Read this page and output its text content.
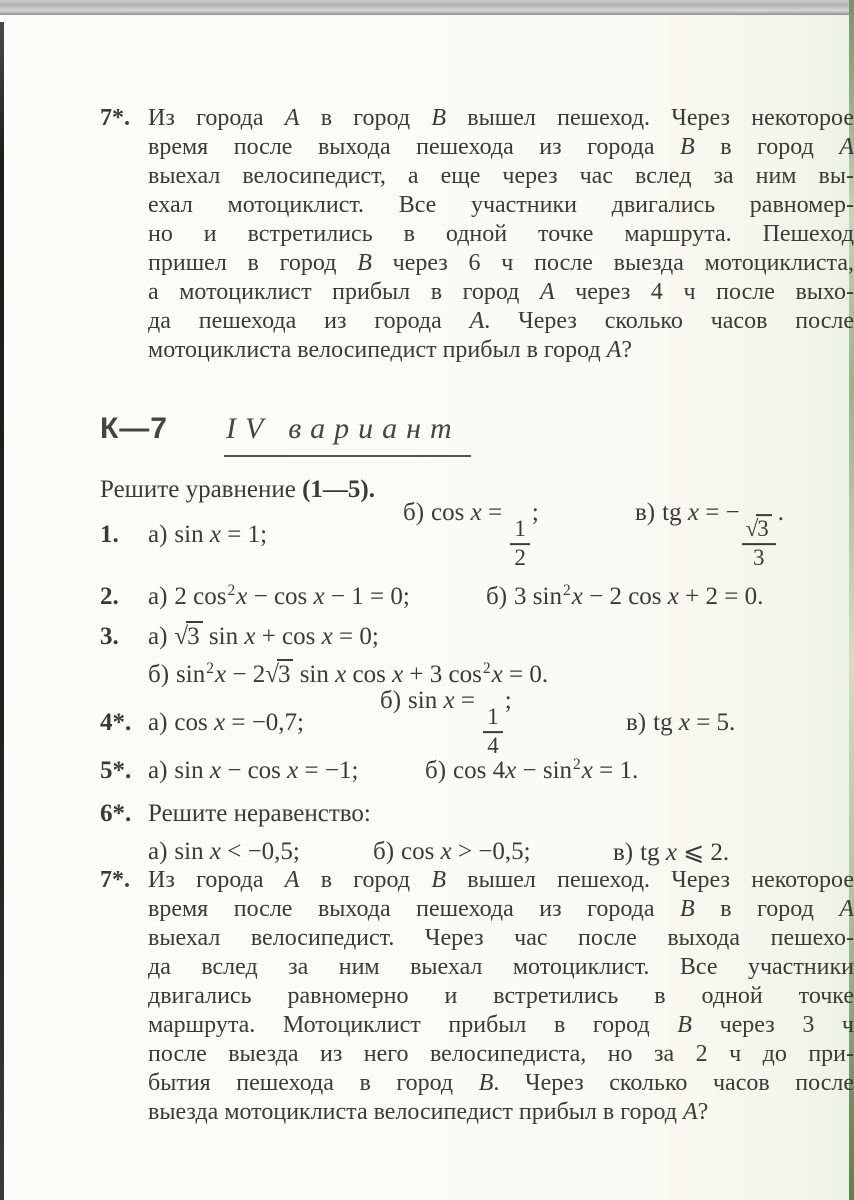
7*. Из города A в город B вышел пешеход. Через некоторое
время после выхода пешехода из города B в город A
выехал велосипедист, а еще через час вслед за ним вы-
ехал мотоциклист. Все участники двигались равномер-
но и встретились в одной точке маршрута. Пешеход
пришел в город B через 6 ч после выезда мотоциклиста,
а мотоциклист прибыл в город A через 4 ч после выхо-
да пешехода из города A. Через сколько часов после
мотоциклиста велосипедист прибыл в город A?
К—7 IV вариант
Решите уравнение (1—5).
1. а) sin x = 1;
б) cos x =
$\frac{1}{2}$
;	в) tg x = −
$\frac{√3}{3}$
.
2. а) 2 $\cos^2x - \cos x - 1 = 0$;	б) 3 $\sin^2x - 2$ cos x + 2 = 0.
3. а) √3 sin x + cos x = 0;
б) $\sin^2x - 2√3$ sin x cos x + 3 $\cos^2x = 0$.
4*. а) cos x = −0,7;
б) sin x =
$\frac{1}{4}$
;
в) tg x = 5.
5*. а) sin x − cos x = −1;	б) $\cos 4x - \sin^2x = 1$.
6*. Решите неравенство:
а) sin x < −0,5;	б) cos x > −0,5;	в) tg x ⩽ 2.
7*. Из города A в город B вышел пешеход. Через некоторое
время после выхода пешехода из города B в город A
выехал велосипедист. Через час после выхода пешехо-
да вслед за ним выехал мотоциклист. Все участники
двигались равномерно и встретились в одной точке
маршрута. Мотоциклист прибыл в город B через 3 ч
после выезда из него велосипедиста, но за 2 ч до при-
бытия пешехода в город B. Через сколько часов после
выезда мотоциклиста велосипедист прибыл в город A?
